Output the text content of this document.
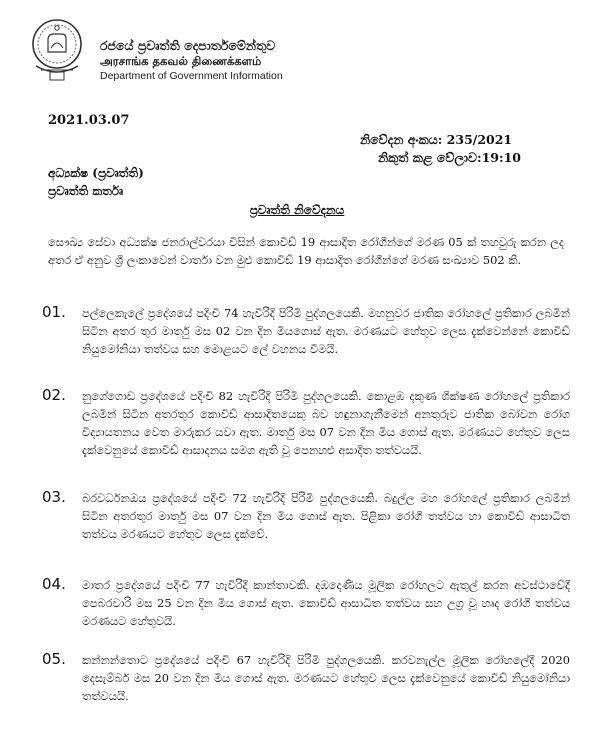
රජයේ ප්‍රවෘත්ති දෙපාර්තමේන්තුව
அரசாங்க தகவல் திணைக்களம்
Department of Government Information
2021.03.07
නිවේදන අංකය: 235/2021
නිකුත් කළ වේලාව:19:10
අධ්‍යක්ෂ (ප්‍රවෘත්ති)
ප්‍රවෘත්ති කර්තෘ
ප්‍රවෘත්ති නිවේදනය
සෞඛ්‍ය සේවා අධ්‍යක්ෂ ජනරාල්වරයා විසින් කොවිඩ් 19 ආසාදිත රෝගීන්ගේ මරණ 05 ක් තහවුරු කරන ලද අතර ඒ අනුව ශ්‍රී ලංකාවෙන් වාර්තා වන මුළු කොවිඩ් 19 ආසාදිත රෝගීන්ගේ මරණ සංඛ්‍යාව 502 කි.
01. පල්ලෙකැලේ ප්‍රදේශයේ පදිංචි 74 හැවිරිදි පිරිමි පුද්ගලයෙකි. මහනුවර ජාතික රෝහලේ ප්‍රතිකාර ලබමින් සිටින අතර තුර මාර්තු මස 02 වන දින මියගොස් ඇත. මරණයට හේතුව ලෙස දැක්වෙන්නේ කොවිඩ් නියුමෝනියා තත්වය සහ මොළයට ලේ වහනය වීමයි.
02. නුගේගොඩ ප්‍රදේශයේ පදිංචි 82 හැවිරිදි පිරිමි පුද්ගලයෙකි. කොළඹ දකුණ ශික්ෂණ රෝහලේ ප්‍රතිකාර ලබමින් සිටින අතරතුර කොවිඩ් ආසාදිතයෙකු බව හඳුනාගැනීමෙන් අනතුරුව ජාතික බෝවන රෝග විද්‍යායතනය වෙත මාරුකර යවා ඇත. මාර්තු මස 07 වන දින මිය ගොස් ඇත. මරණයට හේතුව ලෙස දැක්වෙනුයේ කොවිඩ් ආසාදනය සමග ඇති වූ පෙනහළු අසාදිත තත්වයයි.
03. බරවර්ධනඔය ප්‍රදේශයේ පදිංචි 72 හැවිරිදි පිරිමි පුද්ගලයෙකි. බදුල්ල මහ රෝහලේ ප්‍රතිකාර ලබමින් සිටින අතරතුර මාර්තු මස 07 වන දින මිය ගොස් ඇත. පිළිකා රෝගී තත්වය හා කොවිඩ් ආසාධිත තත්වය මරණයට හේතුව ලෙස දැක්වේ.
04. මාතර ප්‍රදේශයේ පදිංචි 77 හැවිරිදි කාන්තාවකි. දඹදෙණිය මූලික රෝහලට ඇතුල් කරන අවස්ථාවේදී පෙබරවාරි මස 25 වන දින මිය ගොස් ඇත. කොවිඩ් ආසාධිත තත්වය සහ උග්‍ර වූ හෘද රෝගී තත්වය මරණයට හේතුවයි.
05. කන්නන්තොට ප්‍රදේශයේ පදිංචි 67 හැවිරිදි පිරිමි පුද්ගලයෙකි. කරවනැල්ල මූලික රෝහලේදී 2020 දෙසැම්බර් මස 20 වන දින මිය ගොස් ඇත. මරණයට හේතුව ලෙස දැක්වෙනුයේ කොවිඩ් නියුමෝනියා තත්වයයි.
